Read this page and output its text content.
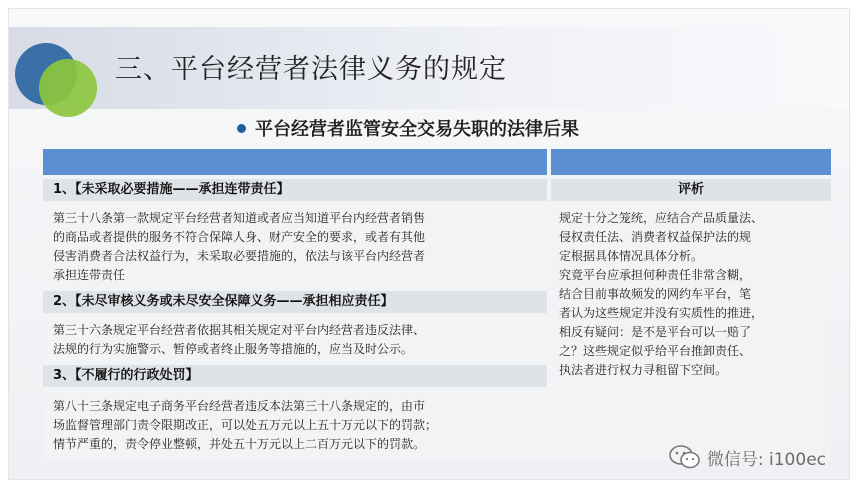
三、平台经营者法律义务的规定
平台经营者监管安全交易失职的法律后果
1、【未采取必要措施——承担连带责任】
第三十八条第一款规定平台经营者知道或者应当知道平台内经营者销售
的商品或者提供的服务不符合保障人身、财产安全的要求，或者有其他
侵害消费者合法权益行为，未采取必要措施的，依法与该平台内经营者
承担连带责任
2、【未尽审核义务或未尽安全保障义务——承担相应责任】
第三十六条规定平台经营者依据其相关规定对平台内经营者违反法律、
法规的行为实施警示、暂停或者终止服务等措施的，应当及时公示。
3、【不履行的行政处罚】
第八十三条规定电子商务平台经营者违反本法第三十八条规定的，由市
场监督管理部门责令限期改正，可以处五万元以上五十万元以下的罚款；
情节严重的，责令停业整顿，并处五十万元以上二百万元以下的罚款。
评析
规定十分之笼统，应结合产品质量法、
侵权责任法、消费者权益保护法的规
定根据具体情况具体分析。
究竟平台应承担何种责任非常含糊，
结合目前事故频发的网约车平台，笔
者认为这些规定并没有实质性的推进，
相反有疑问：是不是平台可以一赔了
之？这些规定似乎给平台推卸责任、
执法者进行权力寻租留下空间。
微信号: i100ec
